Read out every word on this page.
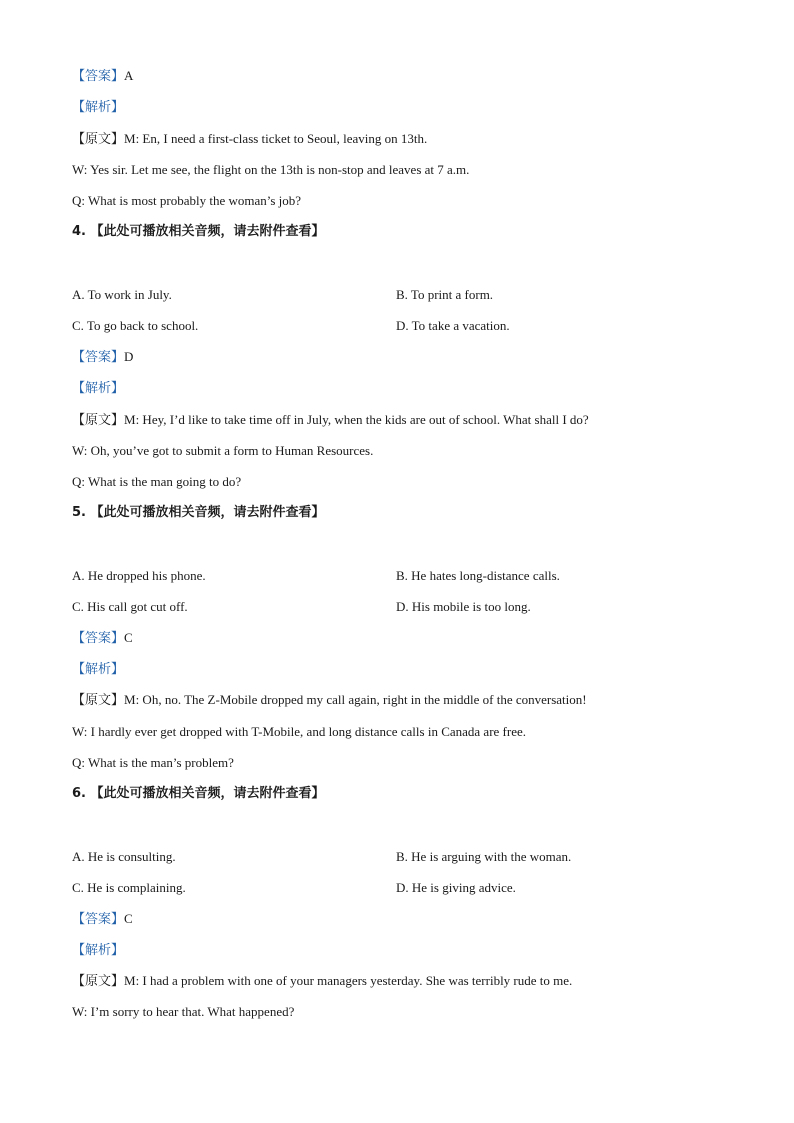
【答案】A
【解析】
【原文】M: En, I need a first-class ticket to Seoul, leaving on 13th.
W: Yes sir. Let me see, the flight on the 13th is non-stop and leaves at 7 a.m.
Q: What is most probably the woman’s job?
4. 【此处可播放相关音频，请去附件查看】
A. To work in July.	B. To print a form.
C. To go back to school.	D. To take a vacation.
【答案】D
【解析】
【原文】M: Hey, I’d like to take time off in July, when the kids are out of school. What shall I do?
W: Oh, you’ve got to submit a form to Human Resources.
Q: What is the man going to do?
5. 【此处可播放相关音频，请去附件查看】
A. He dropped his phone.	B. He hates long-distance calls.
C. His call got cut off.	D. His mobile is too long.
【答案】C
【解析】
【原文】M: Oh, no. The Z-Mobile dropped my call again, right in the middle of the conversation!
W: I hardly ever get dropped with T-Mobile, and long distance calls in Canada are free.
Q: What is the man’s problem?
6. 【此处可播放相关音频，请去附件查看】
A. He is consulting.	B. He is arguing with the woman.
C. He is complaining.	D. He is giving advice.
【答案】C
【解析】
【原文】M: I had a problem with one of your managers yesterday. She was terribly rude to me.
W: I’m sorry to hear that. What happened?
